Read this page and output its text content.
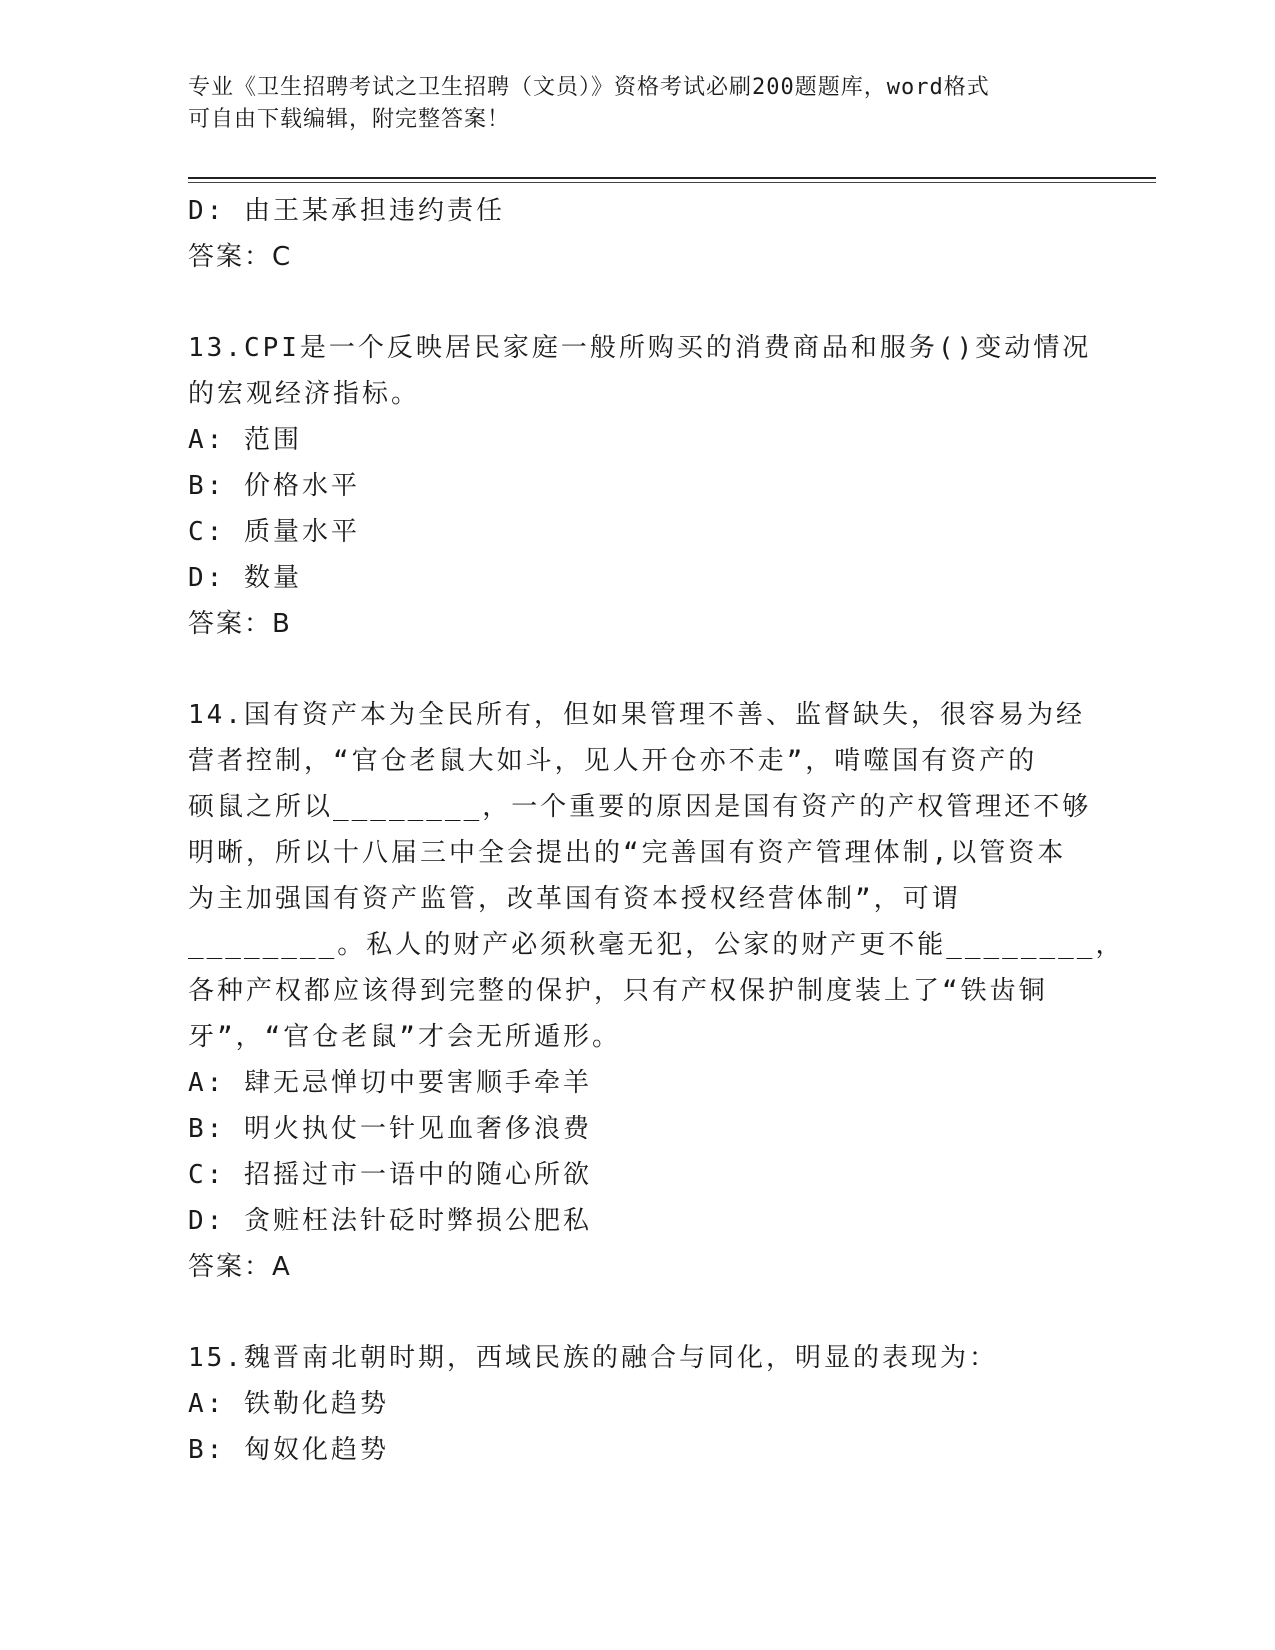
专业《卫生招聘考试之卫生招聘（文员）》资格考试必刷200题题库，word格式
可自由下载编辑，附完整答案！
D: 由王某承担违约责任
答案：C
13.CPI是一个反映居民家庭一般所购买的消费商品和服务()变动情况
的宏观经济指标。
A: 范围
B: 价格水平
C: 质量水平
D: 数量
答案：B
14.国有资产本为全民所有，但如果管理不善、监督缺失，很容易为经
营者控制，“官仓老鼠大如斗，见人开仓亦不走”，啃噬国有资产的
硕鼠之所以________，一个重要的原因是国有资产的产权管理还不够
明晰，所以十八届三中全会提出的“完善国有资产管理体制,以管资本
为主加强国有资产监管，改革国有资本授权经营体制”，可谓
________。私人的财产必须秋毫无犯，公家的财产更不能________，
各种产权都应该得到完整的保护，只有产权保护制度装上了“铁齿铜
牙”，“官仓老鼠”才会无所遁形。
A: 肆无忌惮切中要害顺手牵羊
B: 明火执仗一针见血奢侈浪费
C: 招摇过市一语中的随心所欲
D: 贪赃枉法针砭时弊损公肥私
答案：A
15.魏晋南北朝时期，西域民族的融合与同化，明显的表现为：
A: 铁勒化趋势
B: 匈奴化趋势
